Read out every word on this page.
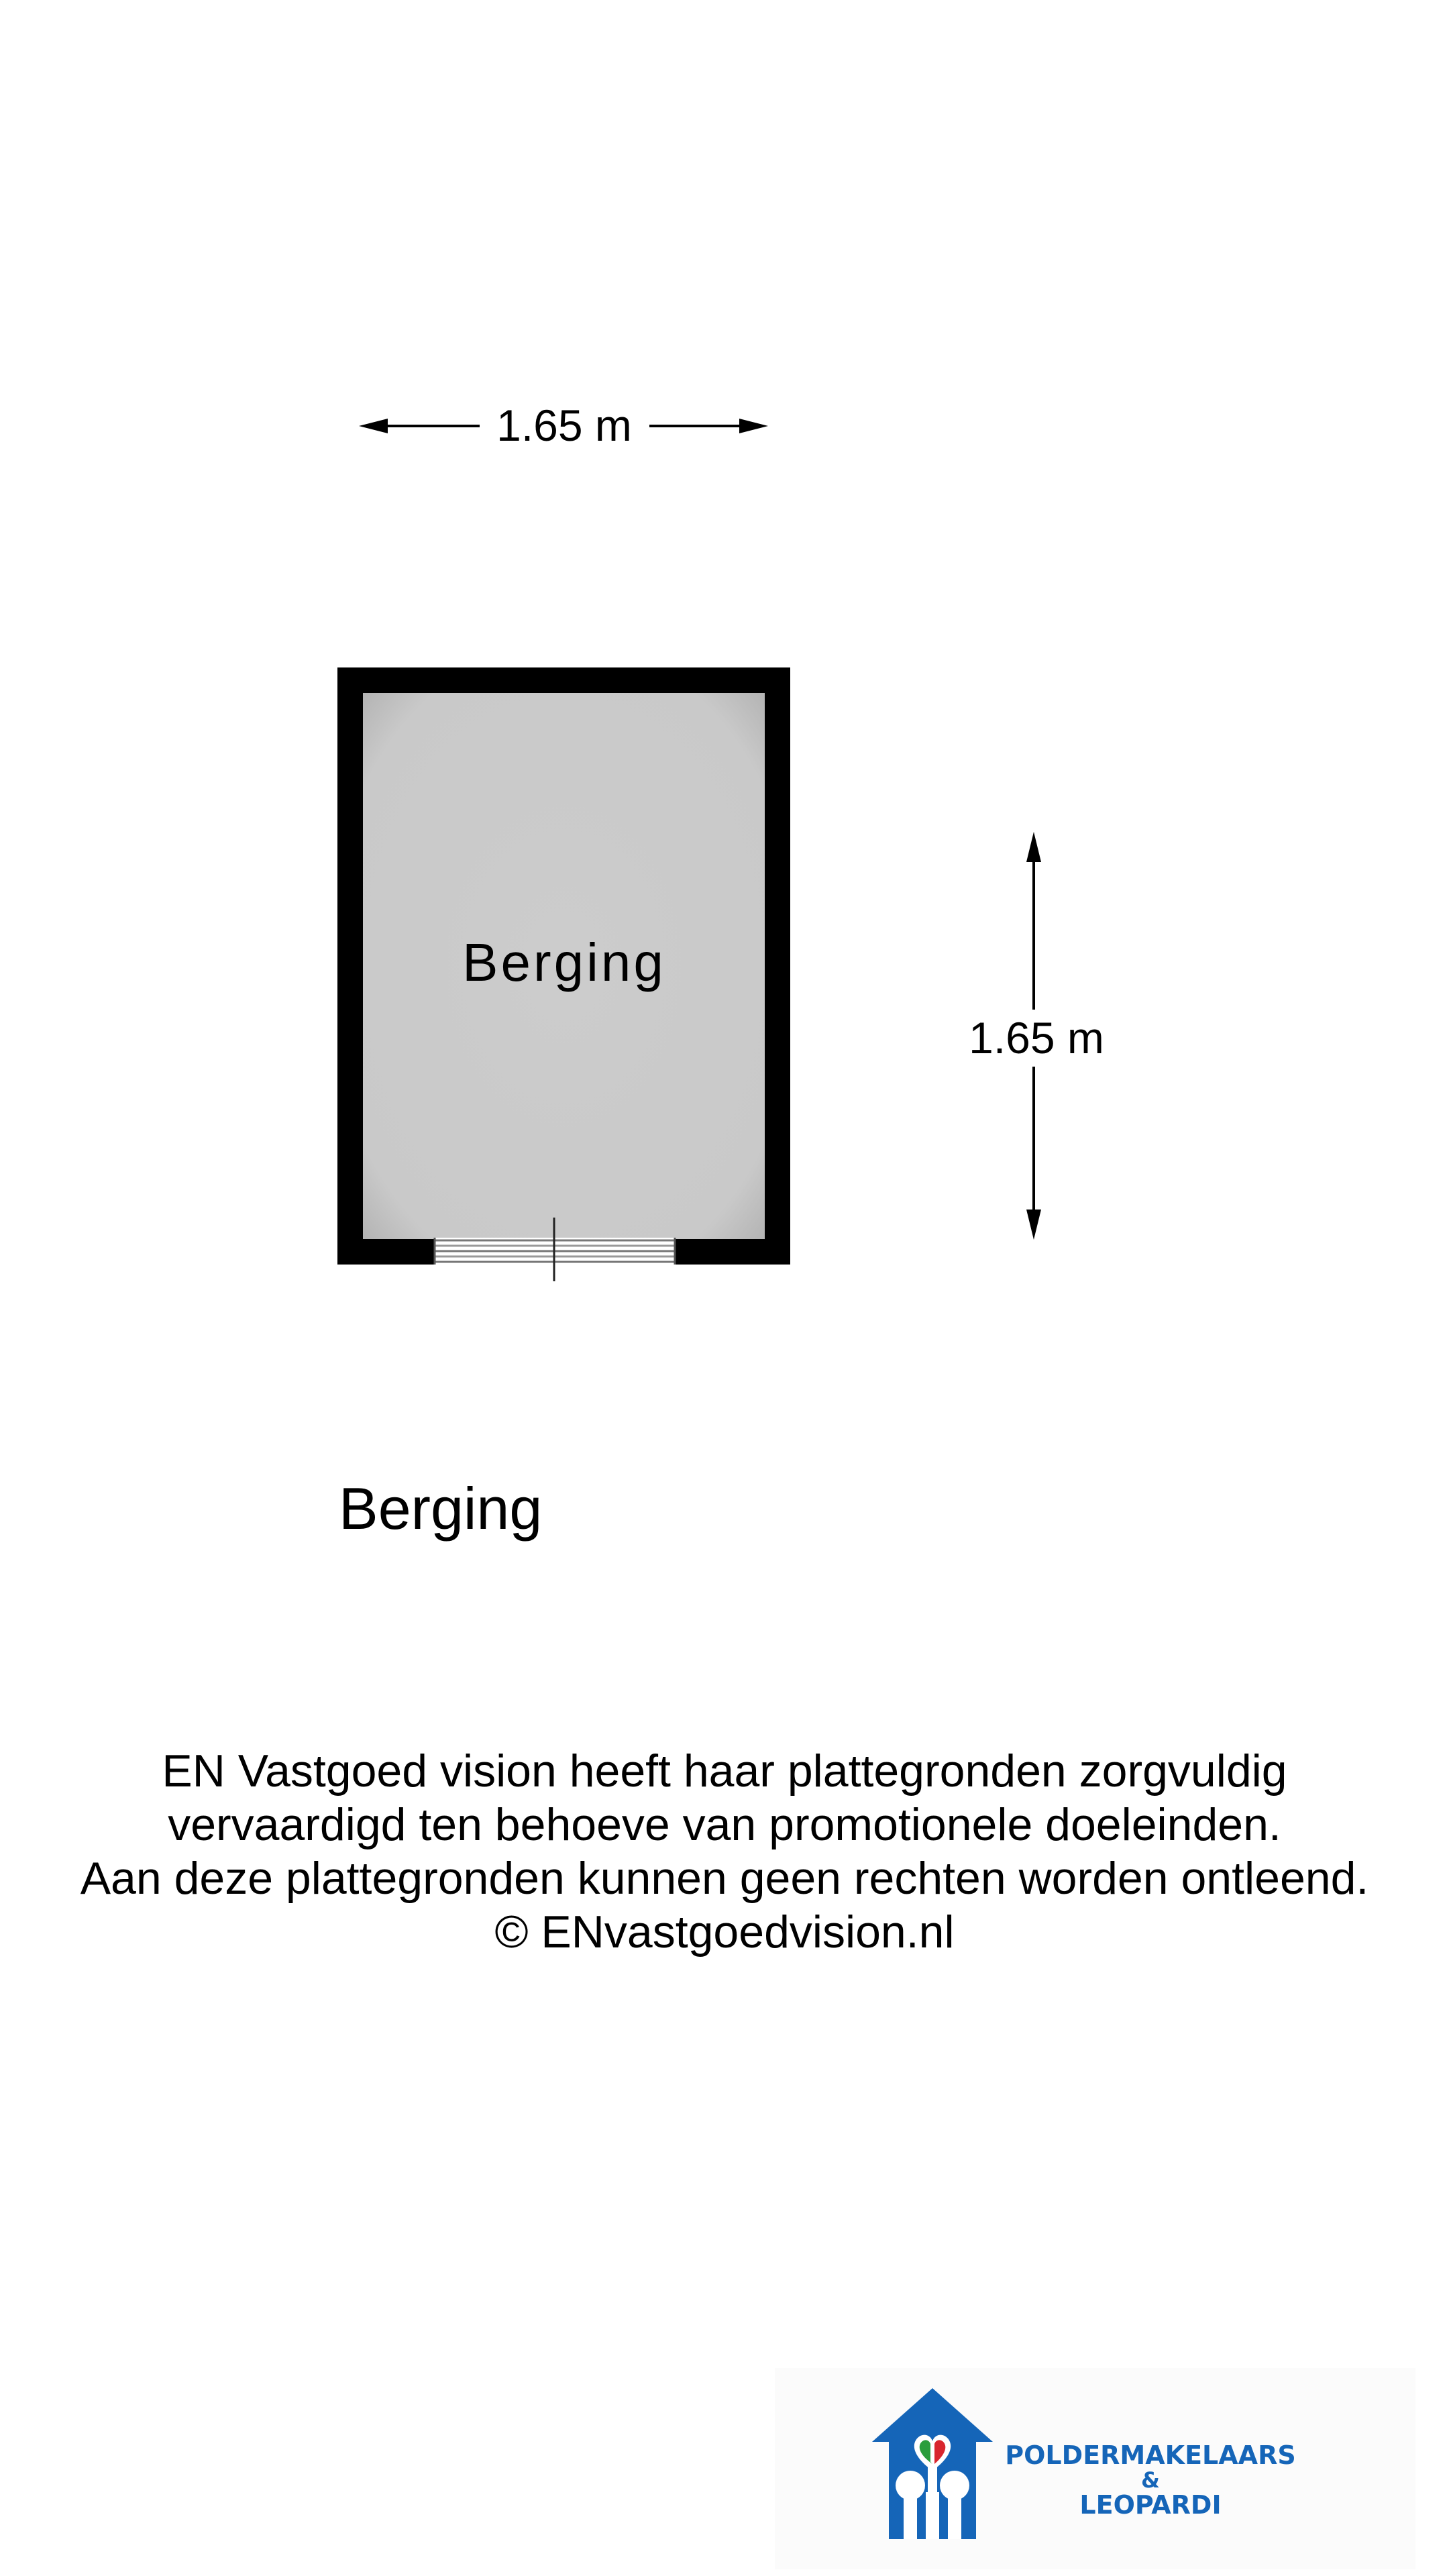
1.65 m
Berging
1.65 m
Berging
EN Vastgoed vision heeft haar plattegronden zorgvuldig
vervaardigd ten behoeve van promotionele doeleinden.
Aan deze plattegronden kunnen geen rechten worden ontleend.
© ENvastgoedvision.nl
POLDERMAKELAARS
&
LEOPARDI
